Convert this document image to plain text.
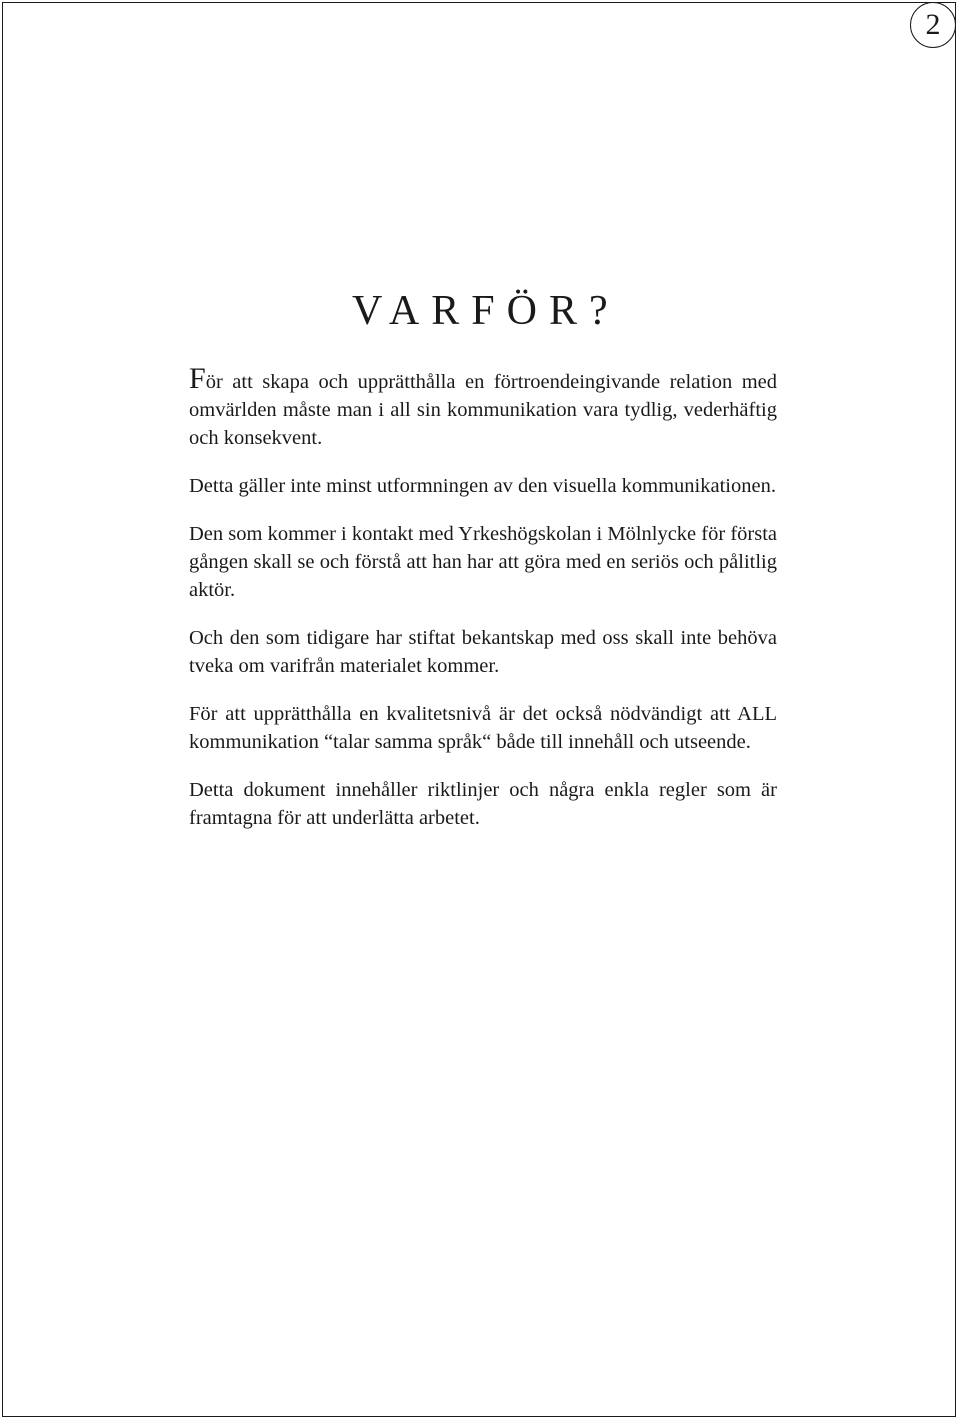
2
VARFÖR?

För att skapa och upprätthålla en förtroendeingivande relation med omvärlden måste man i all sin kommunikation vara tydlig, vederhäftig och konsekvent.

Detta gäller inte minst utformningen av den visuella kommunikationen.

Den som kommer i kontakt med Yrkeshögskolan i Mölnlycke för första gången skall se och förstå att han har att göra med en seriös och pålitlig aktör.

Och den som tidigare har stiftat bekantskap med oss skall inte behöva tveka om varifrån materialet kommer.

För att upprätthålla en kvalitetsnivå är det också nödvändigt att ALL kommunikation “talar samma språk“ både till innehåll och utseende.

Detta dokument innehåller riktlinjer och några enkla regler som är framtagna för att underlätta arbetet.
